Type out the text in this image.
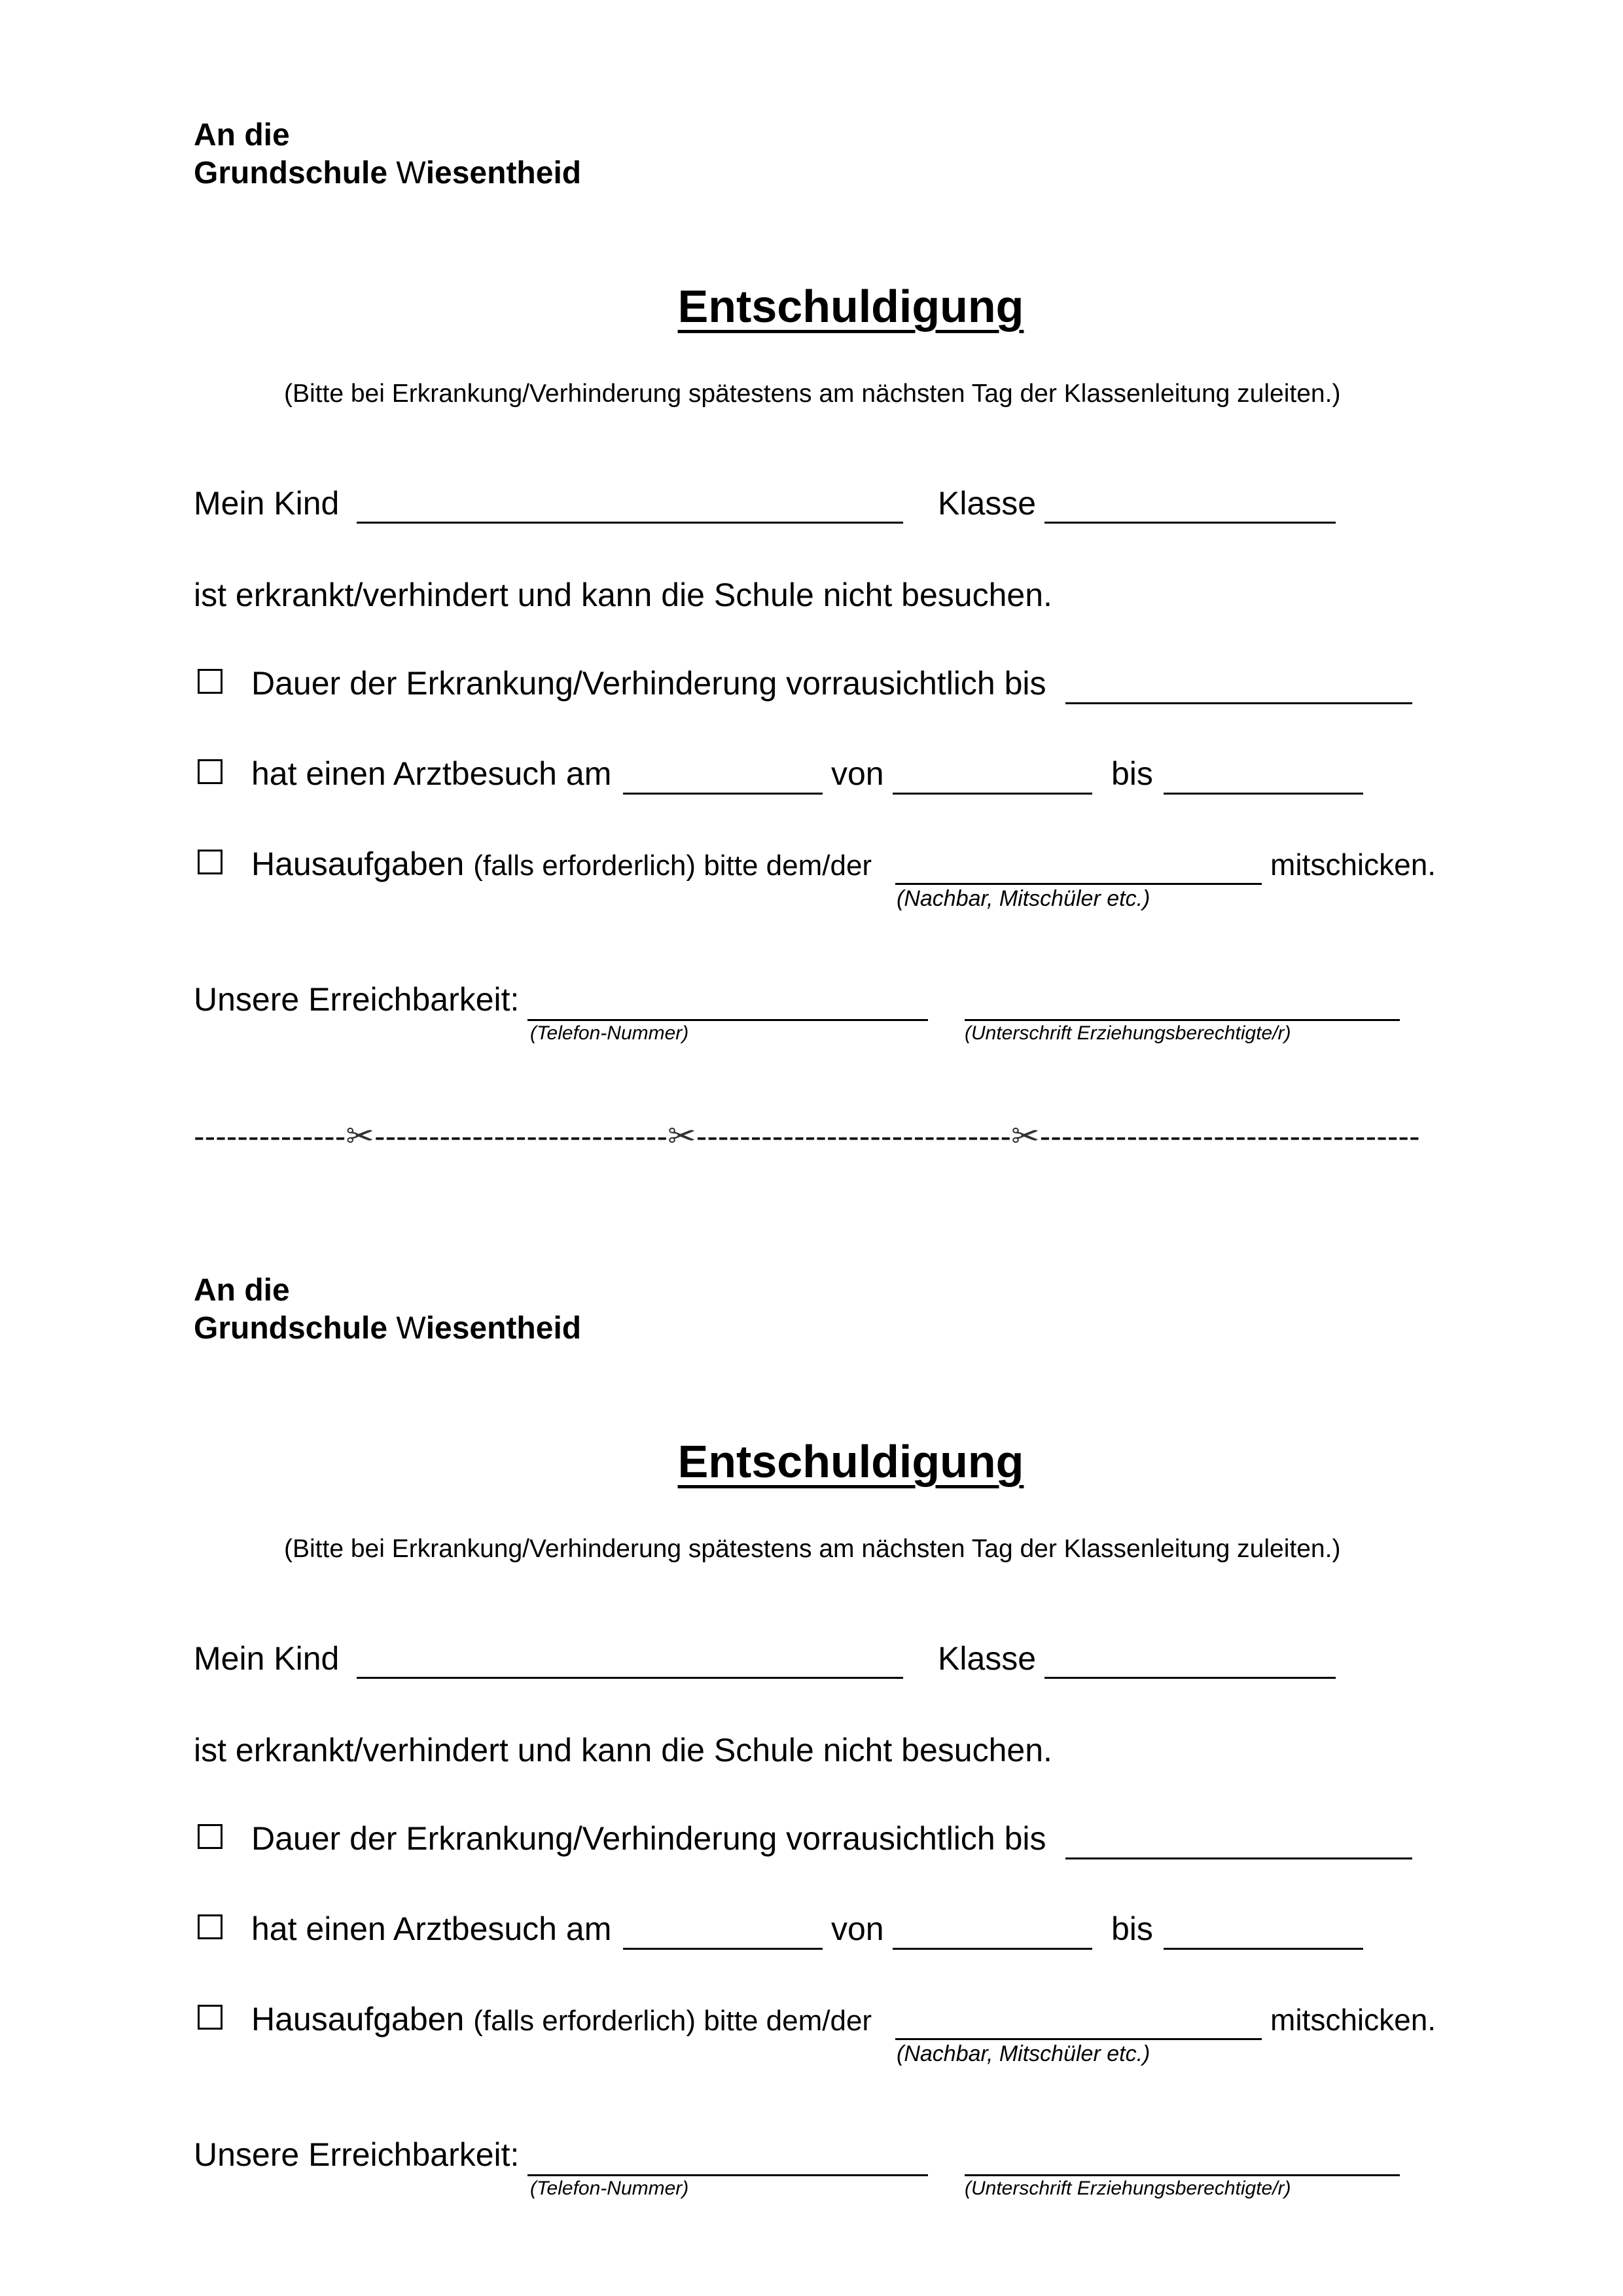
An die
Grundschule Wiesentheid
Entschuldigung
(Bitte bei Erkrankung/Verhinderung spätestens am nächsten Tag der Klassenleitung zuleiten.)
Mein Kind	Klasse
ist erkrankt/verhindert und kann die Schule nicht besuchen.
Dauer der Erkrankung/Verhinderung vorrausichtlich bis
hat einen Arztbesuch am	von	bis
Hausaufgaben (falls erforderlich) bitte dem/der	mitschicken.
(Nachbar, Mitschüler etc.)
Unsere Erreichbarkeit:
(Telefon-Nummer)	(Unterschrift Erziehungsberechtigte/r)
--------------✂---------------------------✂-----------------------------✂-----------------------------------
An die
Grundschule Wiesentheid
Entschuldigung
(Bitte bei Erkrankung/Verhinderung spätestens am nächsten Tag der Klassenleitung zuleiten.)
Mein Kind	Klasse
ist erkrankt/verhindert und kann die Schule nicht besuchen.
Dauer der Erkrankung/Verhinderung vorrausichtlich bis
hat einen Arztbesuch am	von	bis
Hausaufgaben (falls erforderlich) bitte dem/der	mitschicken.
(Nachbar, Mitschüler etc.)
Unsere Erreichbarkeit:
(Telefon-Nummer)	(Unterschrift Erziehungsberechtigte/r)
